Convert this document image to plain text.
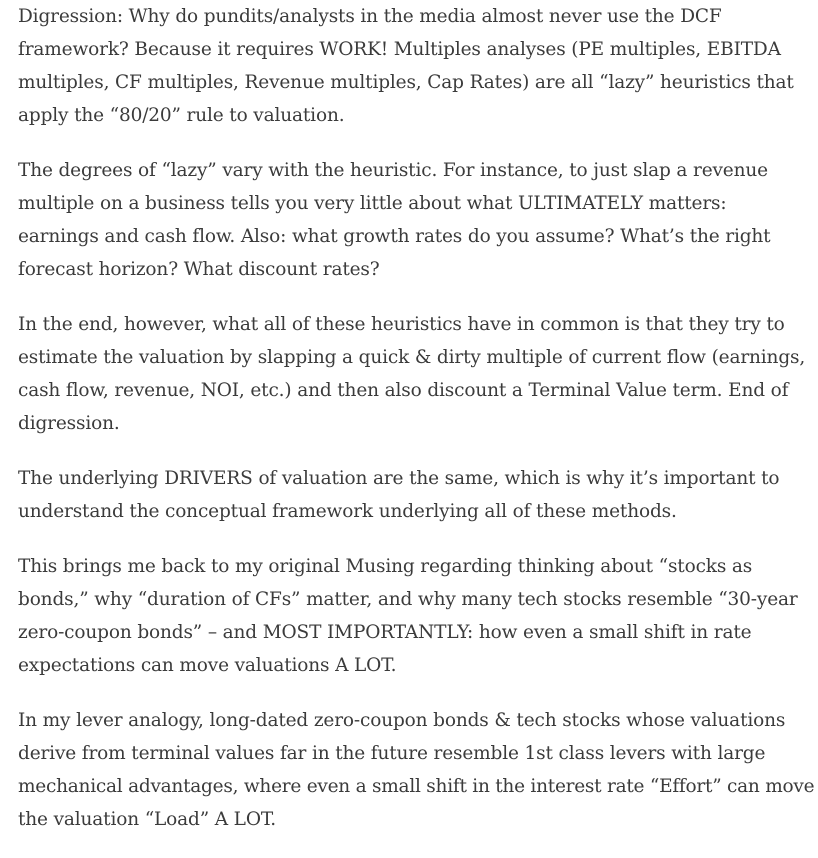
Digression: Why do pundits/analysts in the media almost never use the DCF
framework? Because it requires WORK! Multiples analyses (PE multiples, EBITDA
multiples, CF multiples, Revenue multiples, Cap Rates) are all “lazy” heuristics that
apply the “80/20” rule to valuation.

The degrees of “lazy” vary with the heuristic. For instance, to just slap a revenue
multiple on a business tells you very little about what ULTIMATELY matters:
earnings and cash flow. Also: what growth rates do you assume? What’s the right
forecast horizon? What discount rates?

In the end, however, what all of these heuristics have in common is that they try to
estimate the valuation by slapping a quick & dirty multiple of current flow (earnings,
cash flow, revenue, NOI, etc.) and then also discount a Terminal Value term. End of
digression.

The underlying DRIVERS of valuation are the same, which is why it’s important to
understand the conceptual framework underlying all of these methods.

This brings me back to my original Musing regarding thinking about “stocks as
bonds,” why “duration of CFs” matter, and why many tech stocks resemble “30-year
zero-coupon bonds” – and MOST IMPORTANTLY: how even a small shift in rate
expectations can move valuations A LOT.

In my lever analogy, long-dated zero-coupon bonds & tech stocks whose valuations
derive from terminal values far in the future resemble 1st class levers with large
mechanical advantages, where even a small shift in the interest rate “Effort” can move
the valuation “Load” A LOT.
